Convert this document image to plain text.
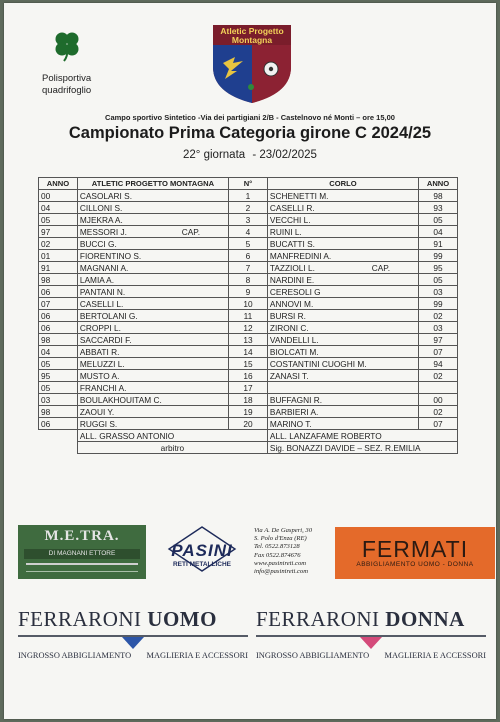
Polisportiva
quadrifoglio
Atletic Progetto
Montagna
Campo sportivo Sintetico -Via dei partigiani 2/B - Castelnovo né Monti – ore 15,00
Campionato Prima Categoria girone C 2024/25
22° giornata - 23/02/2025
ANNO	ATLETIC PROGETTO MONTAGNA	N°	CORLO	ANNO
00	CASOLARI S.	1	SCHENETTI M.	98
04	CILLONI S.	2	CASELLI R.	93
05	MJEKRA A.	3	VECCHI L.	05
97	MESSORI J. CAP.	4	RUINI L.	04
02	BUCCI G.	5	BUCATTI S.	91
01	FIORENTINO S.	6	MANFREDINI A.	99
91	MAGNANI A.	7	TAZZIOLI L. CAP.	95
98	LAMIA A.	8	NARDINI E.	05
06	PANTANI N.	9	CERESOLI G	03
07	CASELLI L.	10	ANNOVI M.	99
06	BERTOLANI G.	11	BURSI R.	02
06	CROPPI L.	12	ZIRONI C.	03
98	SACCARDI F.	13	VANDELLI L.	97
04	ABBATI R.	14	BIOLCATI M.	07
05	MELUZZI L.	15	COSTANTINI CUOGHI M.	94
95	MUSTO A.	16	ZANASI T.	02
05	FRANCHI A.	17		
03	BOULAKHOUITAM C.	18	BUFFAGNI R.	00
98	ZAOUI Y.	19	BARBIERI A.	02
06	RUGGI S.	20	MARINO T.	07
	ALL. GRASSO ANTONIO		ALL. LANZAFAME ROBERTO	
	arbitro		Sig. BONAZZI DAVIDE – SEZ. R.EMILIA	
M.E.TRA.
DI MAGNANI ETTORE	PASINI
RETI METALLICHE
Via A. De Gasperi, 30
S. Polo d'Enza (RE)
Tel. 0522.873128
Fax 0522.874676
www.pasinireti.com
info@pasinireti.com
FERMATI
ABBIGLIAMENTO UOMO - DONNA
FERRARONI UOMO
INGROSSO ABBIGLIAMENTO MAGLIERIA E ACCESSORI
FERRARONI DONNA
INGROSSO ABBIGLIAMENTO MAGLIERIA E ACCESSORI
